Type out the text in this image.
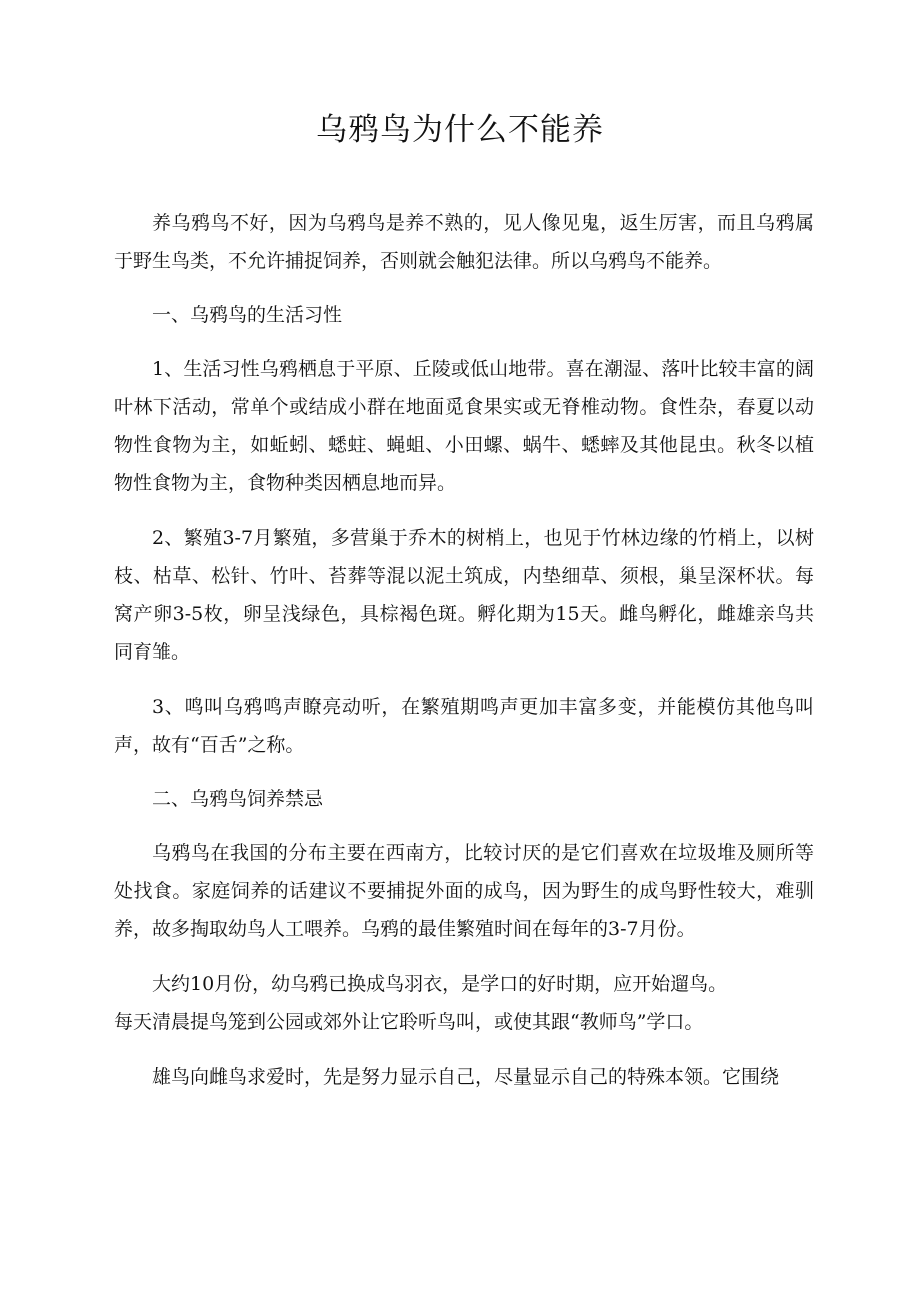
乌鸦鸟为什么不能养

养乌鸦鸟不好，因为乌鸦鸟是养不熟的，见人像见鬼，返生厉害，而且乌鸦属于野生鸟类，不允许捕捉饲养，否则就会触犯法律。所以乌鸦鸟不能养。

一、乌鸦鸟的生活习性

1、生活习性乌鸦栖息于平原、丘陵或低山地带。喜在潮湿、落叶比较丰富的阔叶林下活动，常单个或结成小群在地面觅食果实或无脊椎动物。食性杂，春夏以动物性食物为主，如蚯蚓、蟋蛀、蝇蛆、小田螺、蜗牛、蟋蟀及其他昆虫。秋冬以植物性食物为主，食物种类因栖息地而异。

2、繁殖3-7月繁殖，多营巢于乔木的树梢上，也见于竹林边缘的竹梢上，以树枝、枯草、松针、竹叶、苔葬等混以泥土筑成，内垫细草、须根，巢呈深杯状。每窝产卵3-5枚，卵呈浅绿色，具棕褐色斑。孵化期为15天。雌鸟孵化，雌雄亲鸟共同育雏。

3、鸣叫乌鸦鸣声瞭亮动听，在繁殖期鸣声更加丰富多变，并能模仿其他鸟叫声，故有“百舌”之称。

二、乌鸦鸟饲养禁忌

乌鸦鸟在我国的分布主要在西南方，比较讨厌的是它们喜欢在垃圾堆及厕所等处找食。家庭饲养的话建议不要捕捉外面的成鸟，因为野生的成鸟野性较大，难驯养，故多掏取幼鸟人工喂养。乌鸦的最佳繁殖时间在每年的3-7月份。

大约10月份，幼乌鸦已换成鸟羽衣，是学口的好时期，应开始遛鸟。

每天清晨提鸟笼到公园或郊外让它聆听鸟叫，或使其跟“教师鸟”学口。

雄鸟向雌鸟求爱时，先是努力显示自己，尽量显示自己的特殊本领。它围绕
